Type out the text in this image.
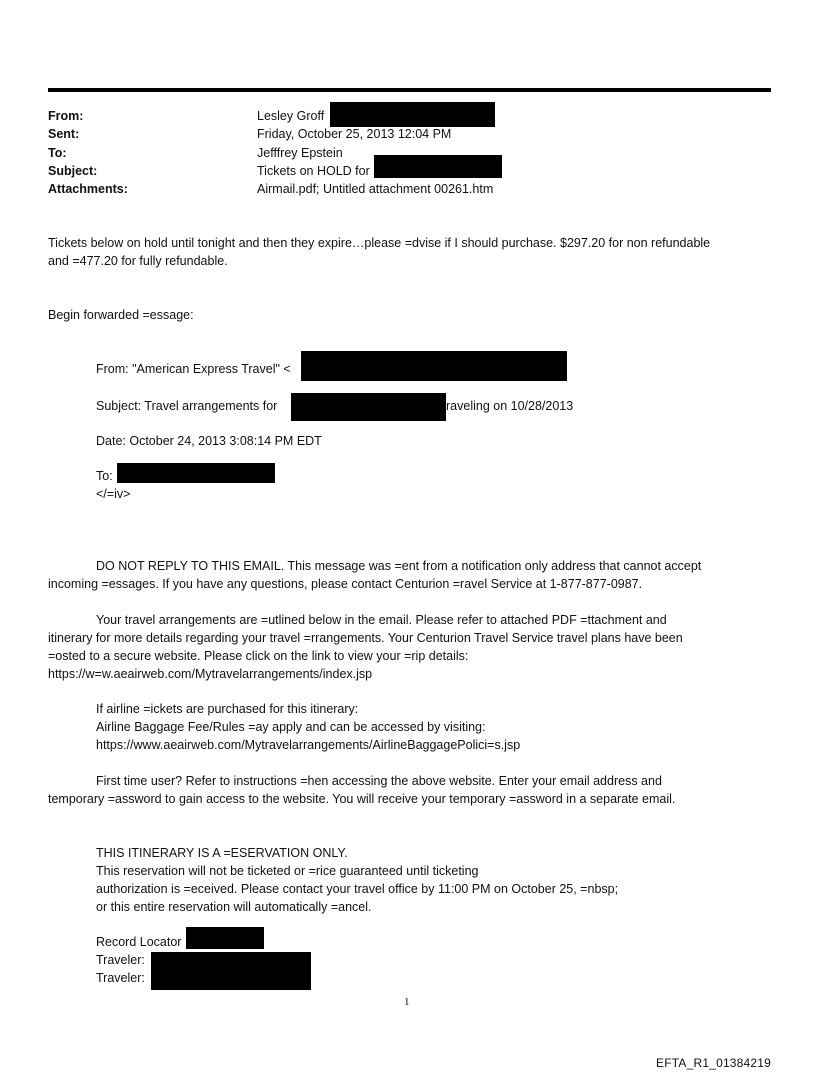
From:	Lesley Groff
Sent:	Friday, October 25, 2013 12:04 PM
To:	Jefffrey Epstein
Subject:	Tickets on HOLD for
Attachments:	Airmail.pdf; Untitled attachment 00261.htm
Tickets below on hold until tonight and then they expire…please =dvise if I should purchase. $297.20 for non refundable
and =477.20 for fully refundable.
Begin forwarded =essage:
From: "American Express Travel" <
Subject: Travel arrangements for	raveling on 10/28/2013
Date: October 24, 2013 3:08:14 PM EDT
To:
</=iv>
DO NOT REPLY TO THIS EMAIL. This message was =ent from a notification only address that cannot accept
incoming =essages. If you have any questions, please contact Centurion =ravel Service at 1-877-877-0987.
Your travel arrangements are =utlined below in the email. Please refer to attached PDF =ttachment and
itinerary for more details regarding your travel =rrangements. Your Centurion Travel Service travel plans have been
=osted to a secure website. Please click on the link to view your =rip details:
https://w=w.aeairweb.com/Mytravelarrangements/index.jsp
If airline =ickets are purchased for this itinerary:
Airline Baggage Fee/Rules =ay apply and can be accessed by visiting:
https://www.aeairweb.com/Mytravelarrangements/AirlineBaggagePolici=s.jsp
First time user? Refer to instructions =hen accessing the above website. Enter your email address and
temporary =assword to gain access to the website. You will receive your temporary =assword in a separate email.
THIS ITINERARY IS A =ESERVATION ONLY.
This reservation will not be ticketed or =rice guaranteed until ticketing
authorization is =eceived. Please contact your travel office by 11:00 PM on October 25, =nbsp;
or this entire reservation will automatically =ancel.
Record Locator
Traveler:
Traveler:
1
EFTA_R1_01384219
